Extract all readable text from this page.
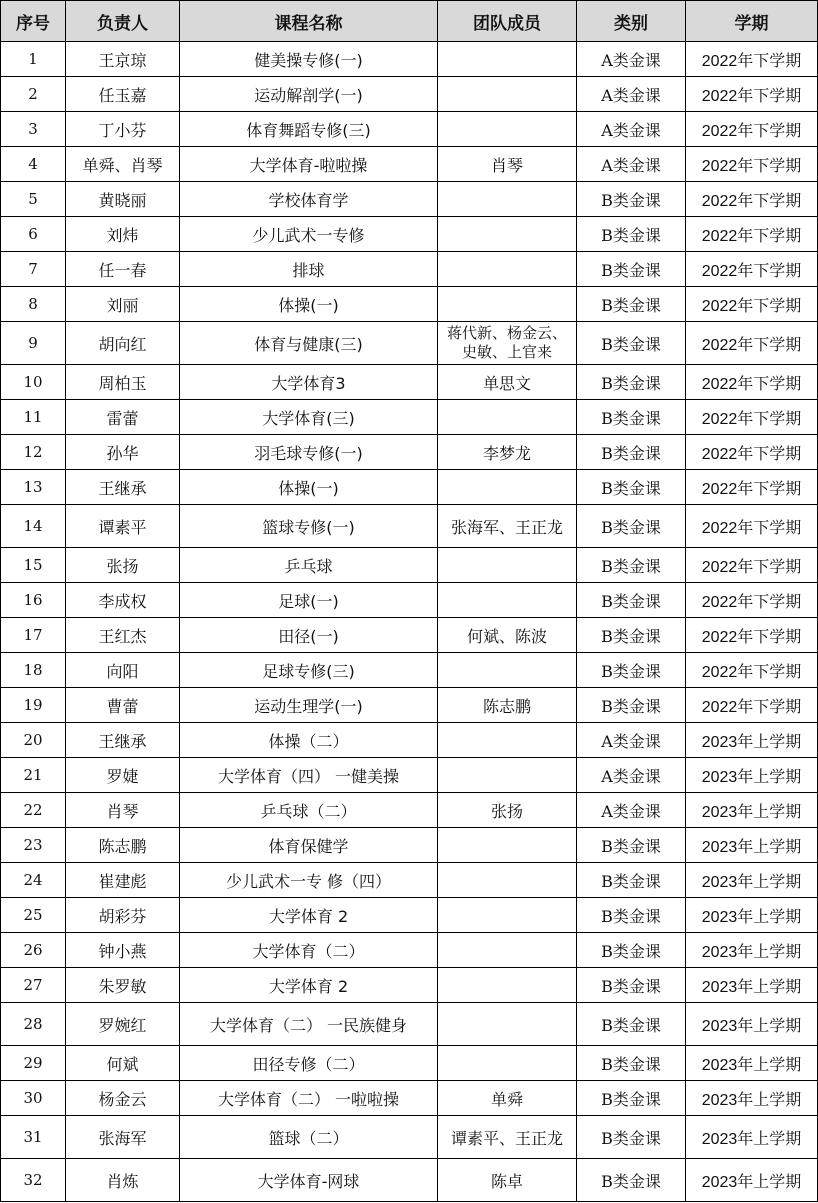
序号	负责人	课程名称	团队成员	类别	学期
1	王京琼	健美操专修(一)		A类金课	2022年下学期
2	任玉嘉	运动解剖学(一)		A类金课	2022年下学期
3	丁小芬	体育舞蹈专修(三)		A类金课	2022年下学期
4	单舜、肖琴	大学体育-啦啦操	肖琴	A类金课	2022年下学期
5	黄晓丽	学校体育学		B类金课	2022年下学期
6	刘炜	少儿武术一专修		B类金课	2022年下学期
7	任一春	排球		B类金课	2022年下学期
8	刘丽	体操(一)		B类金课	2022年下学期
9	胡向红	体育与健康(三)	蒋代新、杨金云、史敏、上官来	B类金课	2022年下学期
10	周柏玉	大学体育3	单思文	B类金课	2022年下学期
11	雷蕾	大学体育(三)		B类金课	2022年下学期
12	孙华	羽毛球专修(一)	李梦龙	B类金课	2022年下学期
13	王继承	体操(一)		B类金课	2022年下学期
14	谭素平	篮球专修(一)	张海军、王正龙	B类金课	2022年下学期
15	张扬	乒乓球		B类金课	2022年下学期
16	李成权	足球(一)		B类金课	2022年下学期
17	王红杰	田径(一)	何斌、陈波	B类金课	2022年下学期
18	向阳	足球专修(三)		B类金课	2022年下学期
19	曹蕾	运动生理学(一)	陈志鹏	B类金课	2022年下学期
20	王继承	体操（二）		A类金课	2023年上学期
21	罗婕	大学体育（四） 一健美操		A类金课	2023年上学期
22	肖琴	乒乓球（二）	张扬	A类金课	2023年上学期
23	陈志鹏	体育保健学		B类金课	2023年上学期
24	崔建彪	少儿武术一专 修（四）		B类金课	2023年上学期
25	胡彩芬	大学体育 2		B类金课	2023年上学期
26	钟小燕	大学体育（二）		B类金课	2023年上学期
27	朱罗敏	大学体育 2		B类金课	2023年上学期
28	罗婉红	大学体育（二） 一民族健身		B类金课	2023年上学期
29	何斌	田径专修（二）		B类金课	2023年上学期
30	杨金云	大学体育（二） 一啦啦操	单舜	B类金课	2023年上学期
31	张海军	篮球（二）	谭素平、王正龙	B类金课	2023年上学期
32	肖炼	大学体育-网球	陈卓	B类金课	2023年上学期
